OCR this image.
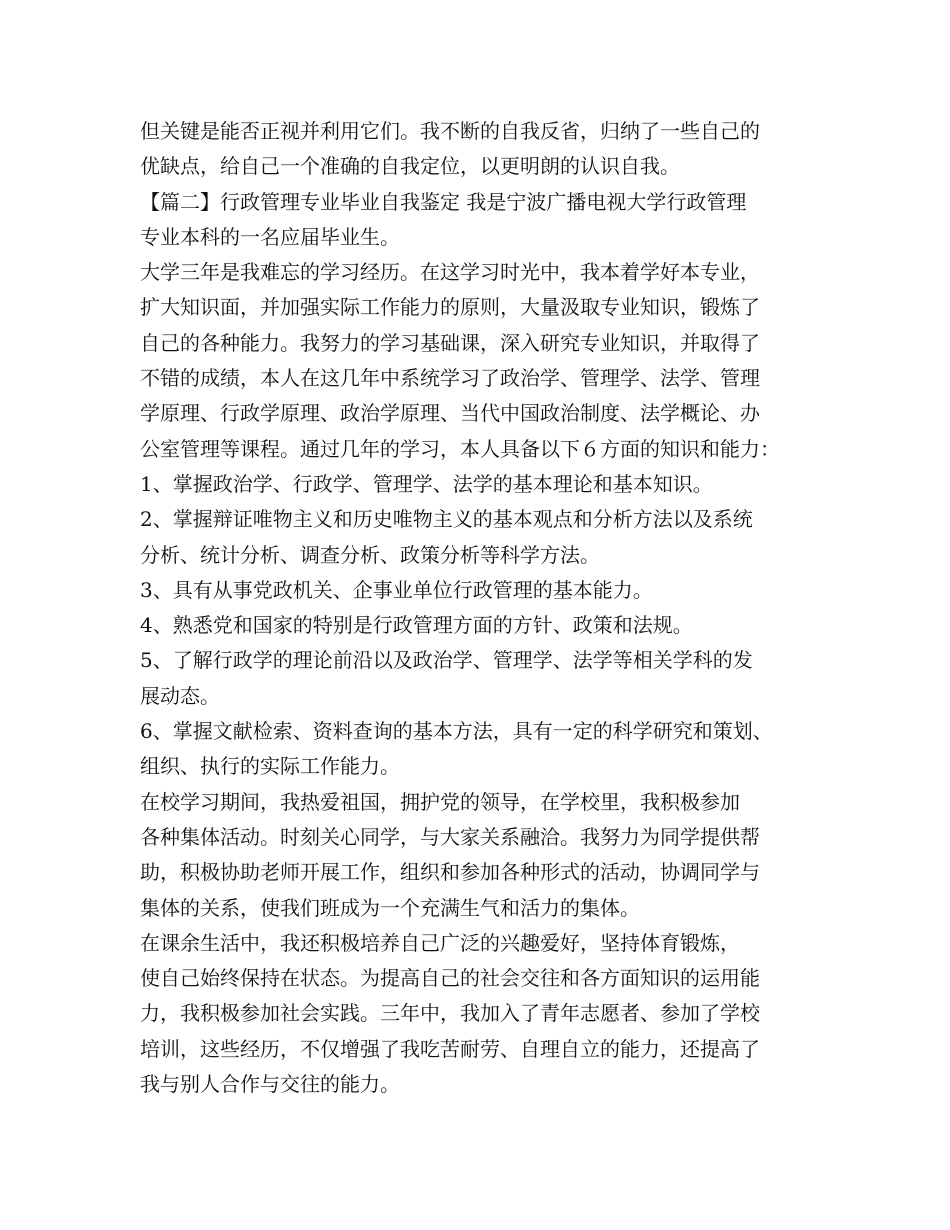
但关键是能否正视并利用它们。我不断的自我反省，归纳了一些自己的
优缺点，给自己一个准确的自我定位，以更明朗的认识自我。
【篇二】行政管理专业毕业自我鉴定 我是宁波广播电视大学行政管理
专业本科的一名应届毕业生。
大学三年是我难忘的学习经历。在这学习时光中，我本着学好本专业，
扩大知识面，并加强实际工作能力的原则，大量汲取专业知识，锻炼了
自己的各种能力。我努力的学习基础课，深入研究专业知识，并取得了
不错的成绩，本人在这几年中系统学习了政治学、管理学、法学、管理
学原理、行政学原理、政治学原理、当代中国政治制度、法学概论、办
公室管理等课程。通过几年的学习，本人具备以下６方面的知识和能力：
1、掌握政治学、行政学、管理学、法学的基本理论和基本知识。
2、掌握辩证唯物主义和历史唯物主义的基本观点和分析方法以及系统
分析、统计分析、调查分析、政策分析等科学方法。
3、具有从事党政机关、企事业单位行政管理的基本能力。
4、熟悉党和国家的特别是行政管理方面的方针、政策和法规。
5、了解行政学的理论前沿以及政治学、管理学、法学等相关学科的发
展动态。
6、掌握文献检索、资料查询的基本方法，具有一定的科学研究和策划、
组织、执行的实际工作能力。
在校学习期间，我热爱祖国，拥护党的领导，在学校里，我积极参加
各种集体活动。时刻关心同学，与大家关系融洽。我努力为同学提供帮
助，积极协助老师开展工作，组织和参加各种形式的活动，协调同学与
集体的关系，使我们班成为一个充满生气和活力的集体。
在课余生活中，我还积极培养自己广泛的兴趣爱好，坚持体育锻炼，
使自己始终保持在状态。为提高自己的社会交往和各方面知识的运用能
力，我积极参加社会实践。三年中，我加入了青年志愿者、参加了学校
培训，这些经历，不仅增强了我吃苦耐劳、自理自立的能力，还提高了
我与别人合作与交往的能力。
